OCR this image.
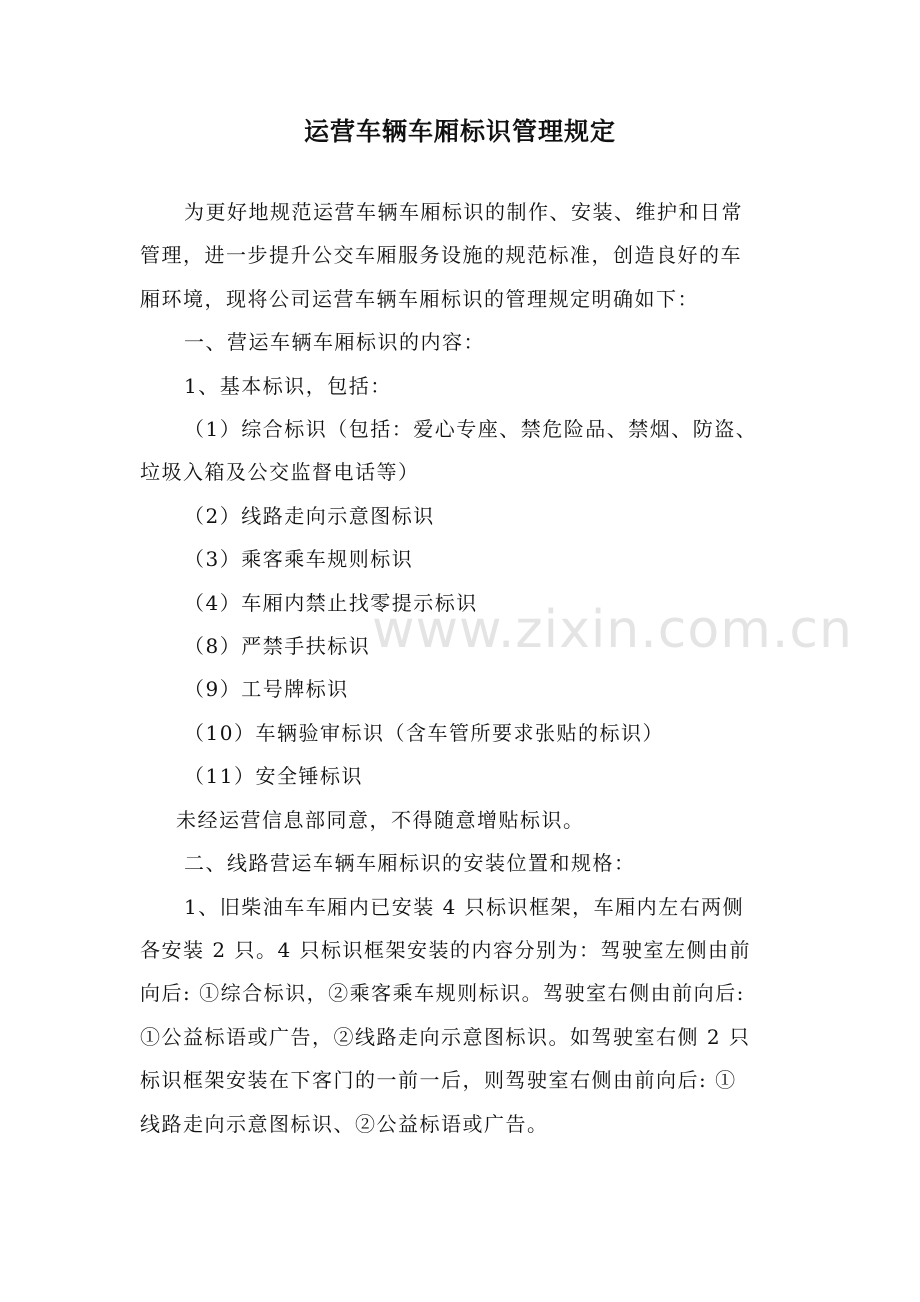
运营车辆车厢标识管理规定

为更好地规范运营车辆车厢标识的制作、安装、维护和日常

管理，进一步提升公交车厢服务设施的规范标准，创造良好的车

厢环境，现将公司运营车辆车厢标识的管理规定明确如下：

一、营运车辆车厢标识的内容：

1、基本标识，包括：

（1）综合标识（包括：爱心专座、禁危险品、禁烟、防盗、

垃圾入箱及公交监督电话等）

（2）线路走向示意图标识

（3）乘客乘车规则标识

（4）车厢内禁止找零提示标识

（8）严禁手扶标识

（9）工号牌标识

（10）车辆验审标识（含车管所要求张贴的标识）

（11）安全锤标识

未经运营信息部同意，不得随意增贴标识。

二、线路营运车辆车厢标识的安装位置和规格：

1、旧柴油车车厢内已安装 4 只标识框架，车厢内左右两侧

各安装 2 只。4 只标识框架安装的内容分别为：驾驶室左侧由前

向后: ①综合标识，②乘客乘车规则标识。驾驶室右侧由前向后:

①公益标语或广告，②线路走向示意图标识。如驾驶室右侧 2 只

标识框架安装在下客门的一前一后，则驾驶室右侧由前向后: ①

线路走向示意图标识、②公益标语或广告。

www.zixin.com.cn
